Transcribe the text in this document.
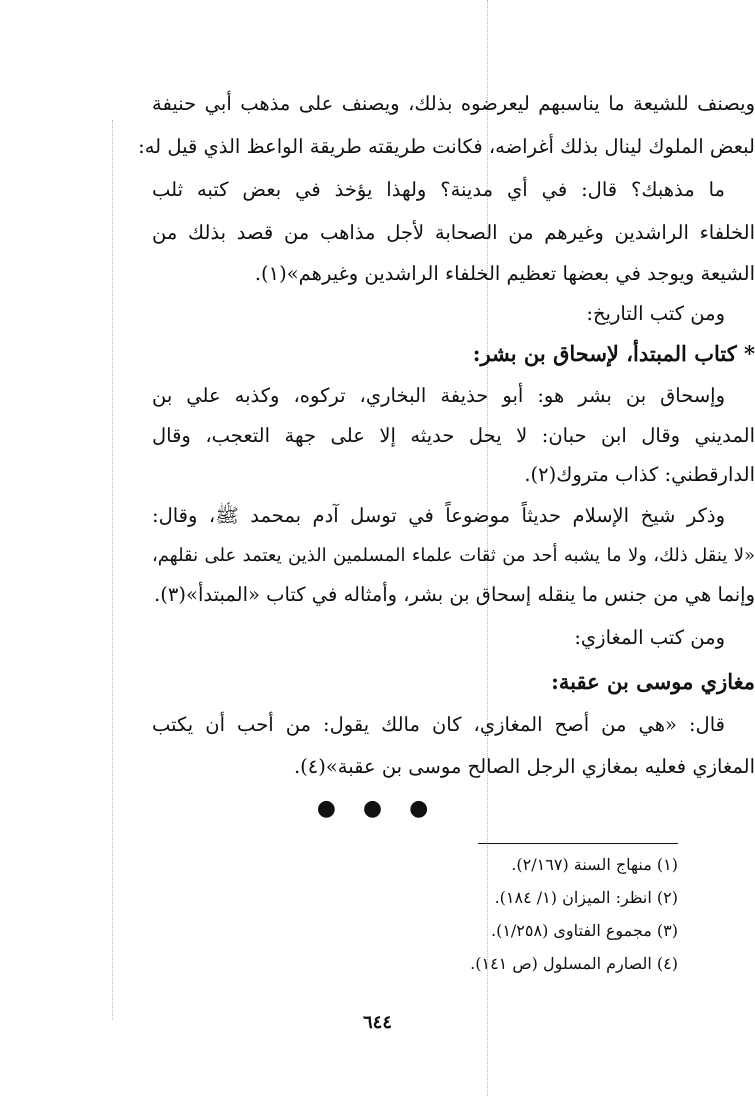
ويصنف للشيعة ما يناسبهم ليعرضوه بذلك، ويصنف على مذهب أبي حنيفة
لبعض الملوك لينال بذلك أغراضه، فكانت طريقته طريقة الواعظ الذي قيل له:
ما مذهبك؟ قال: في أي مدينة؟ ولهذا يؤخذ في بعض كتبه ثلب
الخلفاء الراشدين وغيرهم من الصحابة لأجل مذاهب من قصد بذلك من
الشيعة ويوجد في بعضها تعظيم الخلفاء الراشدين وغيرهم»(١).
ومن كتب التاريخ:
* كتاب المبتدأ، لإسحاق بن بشر:
وإسحاق بن بشر هو: أبو حذيفة البخاري، تركوه، وكذبه علي بن
المديني وقال ابن حبان: لا يحل حديثه إلا على جهة التعجب، وقال
الدارقطني: كذاب متروك(٢).
وذكر شيخ الإسلام حديثاً موضوعاً في توسل آدم بمحمد ﷺ، وقال:
«لا ينقل ذلك، ولا ما يشبه أحد من ثقات علماء المسلمين الذين يعتمد على نقلهم،
وإنما هي من جنس ما ينقله إسحاق بن بشر، وأمثاله في كتاب «المبتدأ»(٣).
ومن كتب المغازي:
مغازي موسى بن عقبة:
قال: «هي من أصح المغازي، كان مالك يقول: من أحب أن يكتب
المغازي فعليه بمغازي الرجل الصالح موسى بن عقبة»(٤).
● ● ●
(١) منهاج السنة (٢/١٦٧).
(٢) انظر: الميزان (١/ ١٨٤).
(٣) مجموع الفتاوى (١/٢٥٨).
(٤) الصارم المسلول (ص ١٤١).
٦٤٤
